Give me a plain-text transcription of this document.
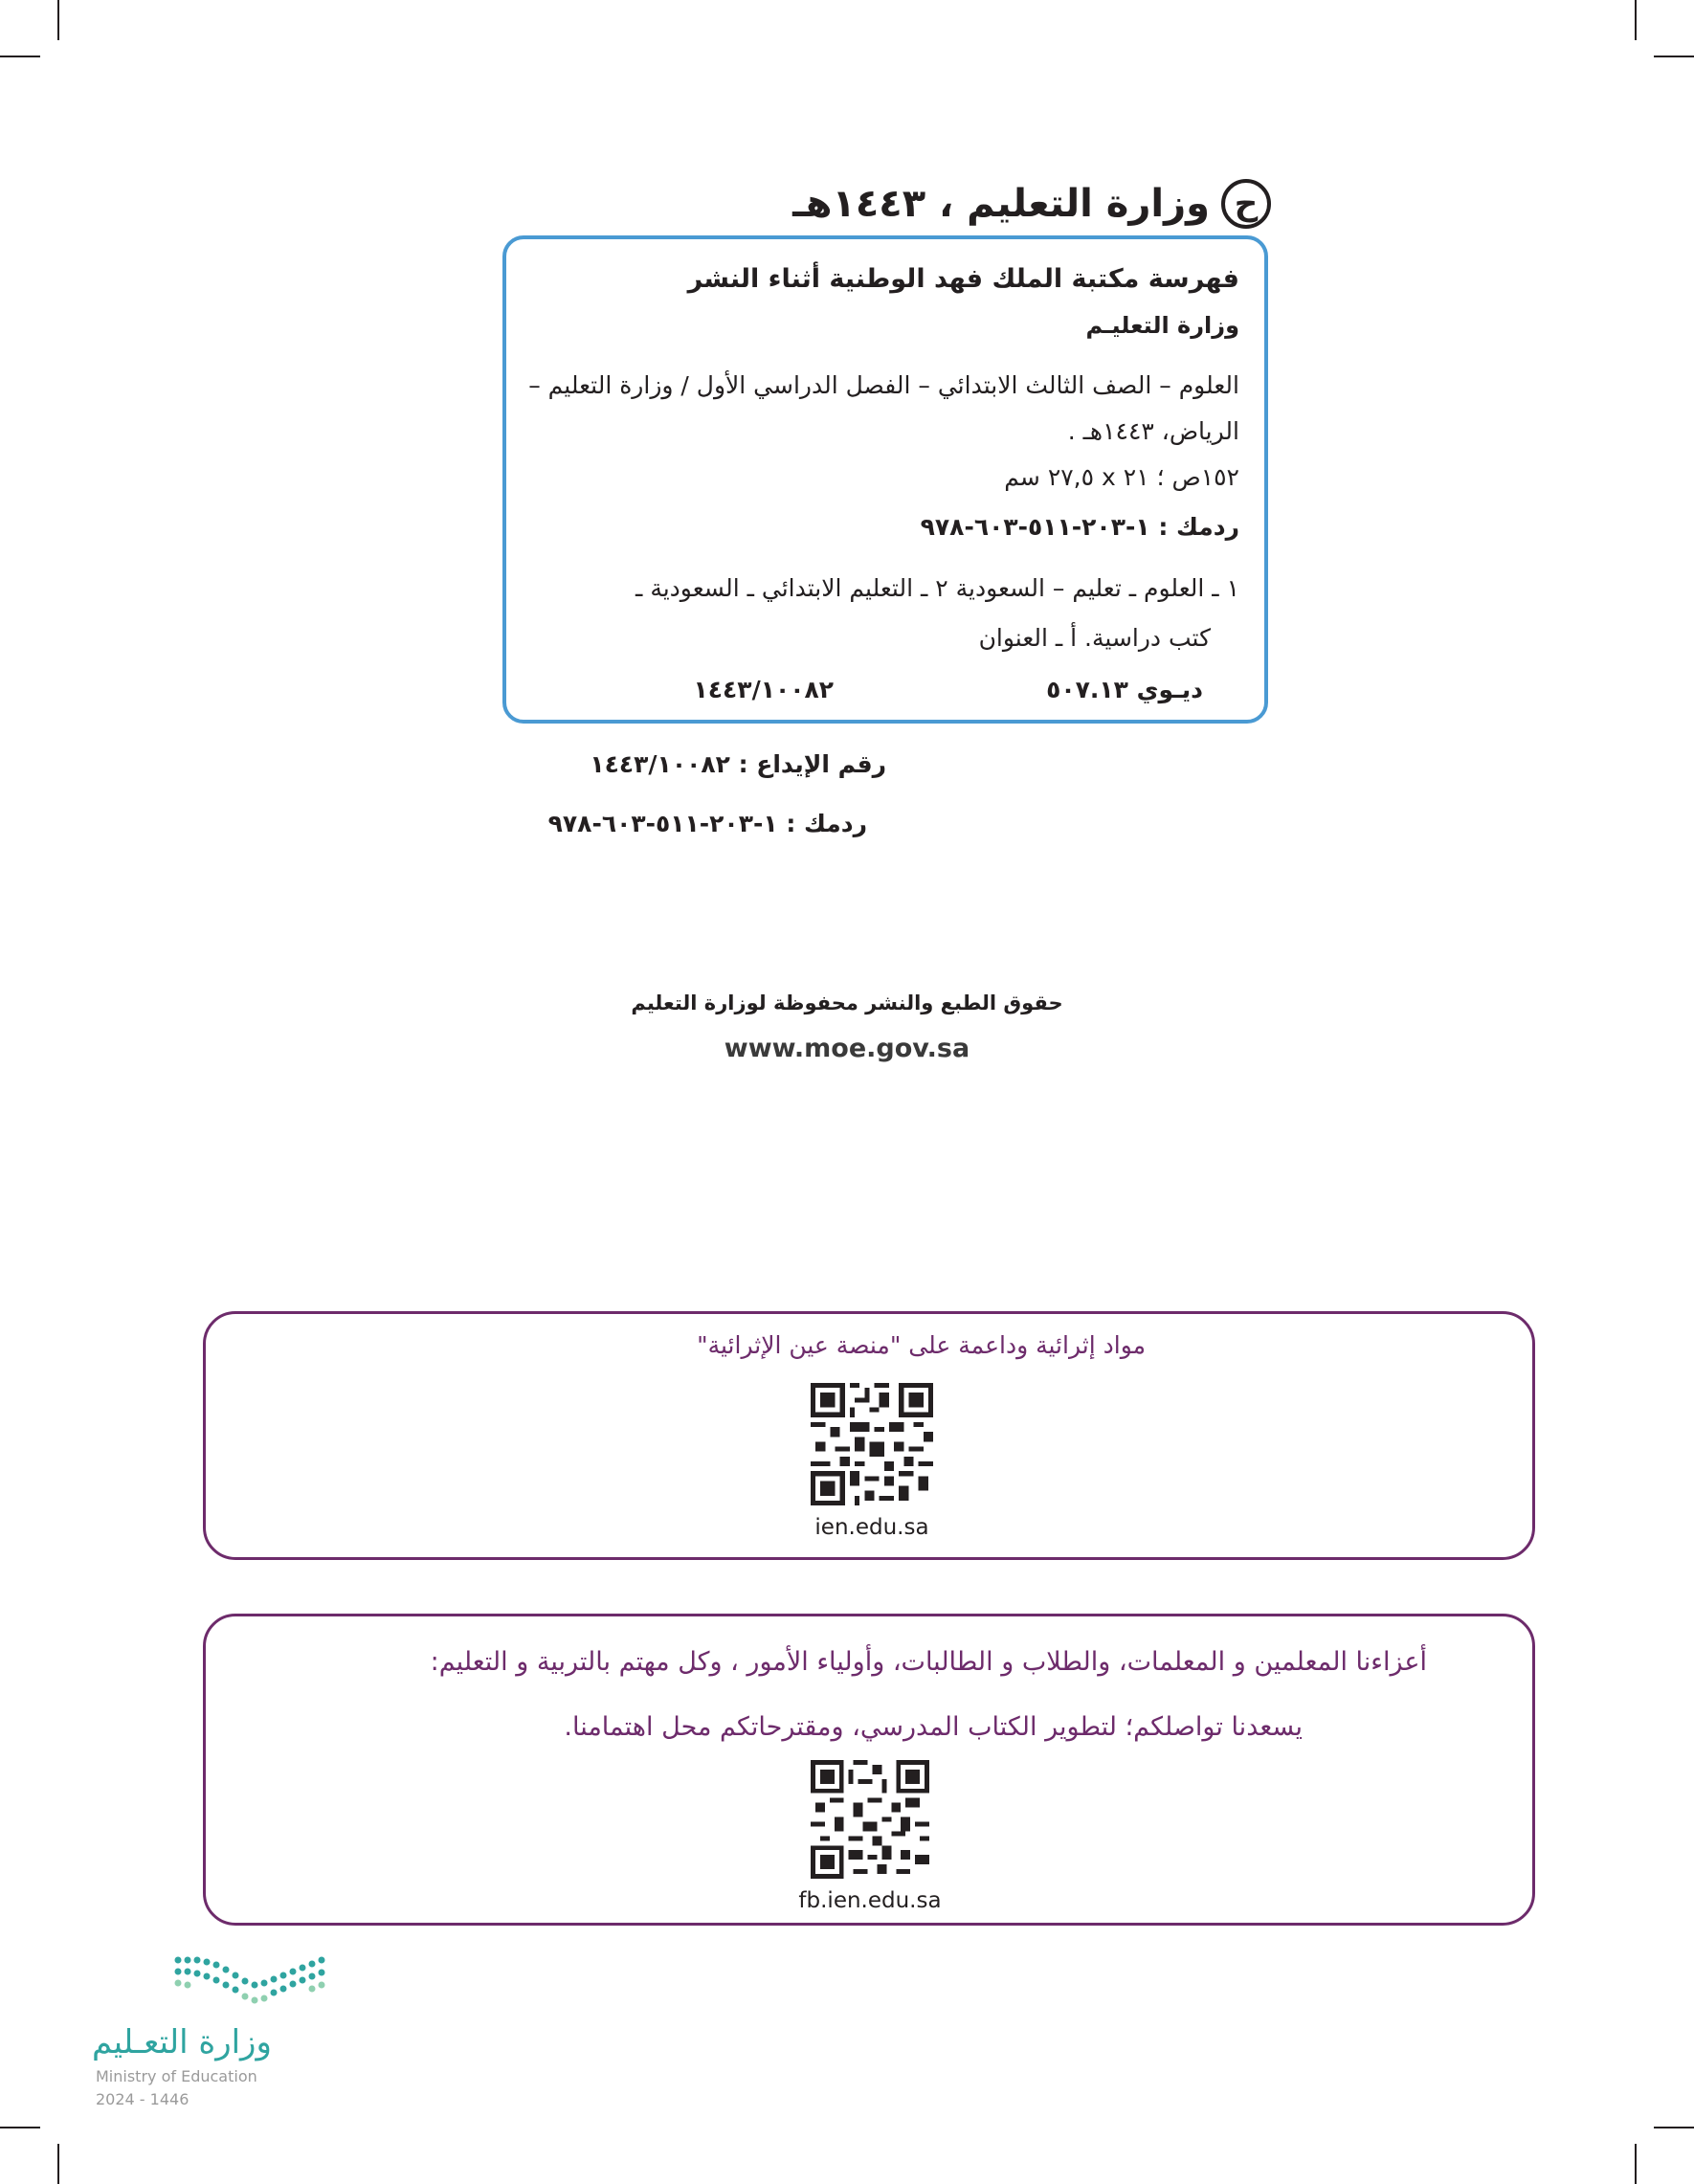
ح
وزارة التعليم ، ١٤٤٣هـ
فهرسة مكتبة الملك فهد الوطنية أثناء النشر
وزارة التعليـم
العلوم – الصف الثالث الابتدائي – الفصل الدراسي الأول / وزارة التعليم –
الرياض، ١٤٤٣هـ .
١٥٢ص ؛ ٢١ x ٢٧,٥ سم
ردمك : ١-٢٠٣-٥١١-٦٠٣-٩٧٨
١ ـ العلوم ـ تعليم – السعودية ٢ ـ التعليم الابتدائي ـ السعودية ـ
كتب دراسية. أ ـ العنوان
ديـوي ٥٠٧.١٣
١٤٤٣/١٠٠٨٢
رقم الإيداع : ١٤٤٣/١٠٠٨٢
ردمك : ١-٢٠٣-٥١١-٦٠٣-٩٧٨
حقوق الطبع والنشر محفوظة لوزارة التعليم
www.moe.gov.sa
مواد إثرائية وداعمة على "منصة عين الإثرائية"
ien.edu.sa
أعزاءنا المعلمين و المعلمات، والطلاب و الطالبات، وأولياء الأمور ، وكل مهتم بالتربية و التعليم:
يسعدنا تواصلكم؛ لتطوير الكتاب المدرسي، ومقترحاتكم محل اهتمامنا.
fb.ien.edu.sa
وزارة التعـليم
Ministry of Education
2024 - 1446
